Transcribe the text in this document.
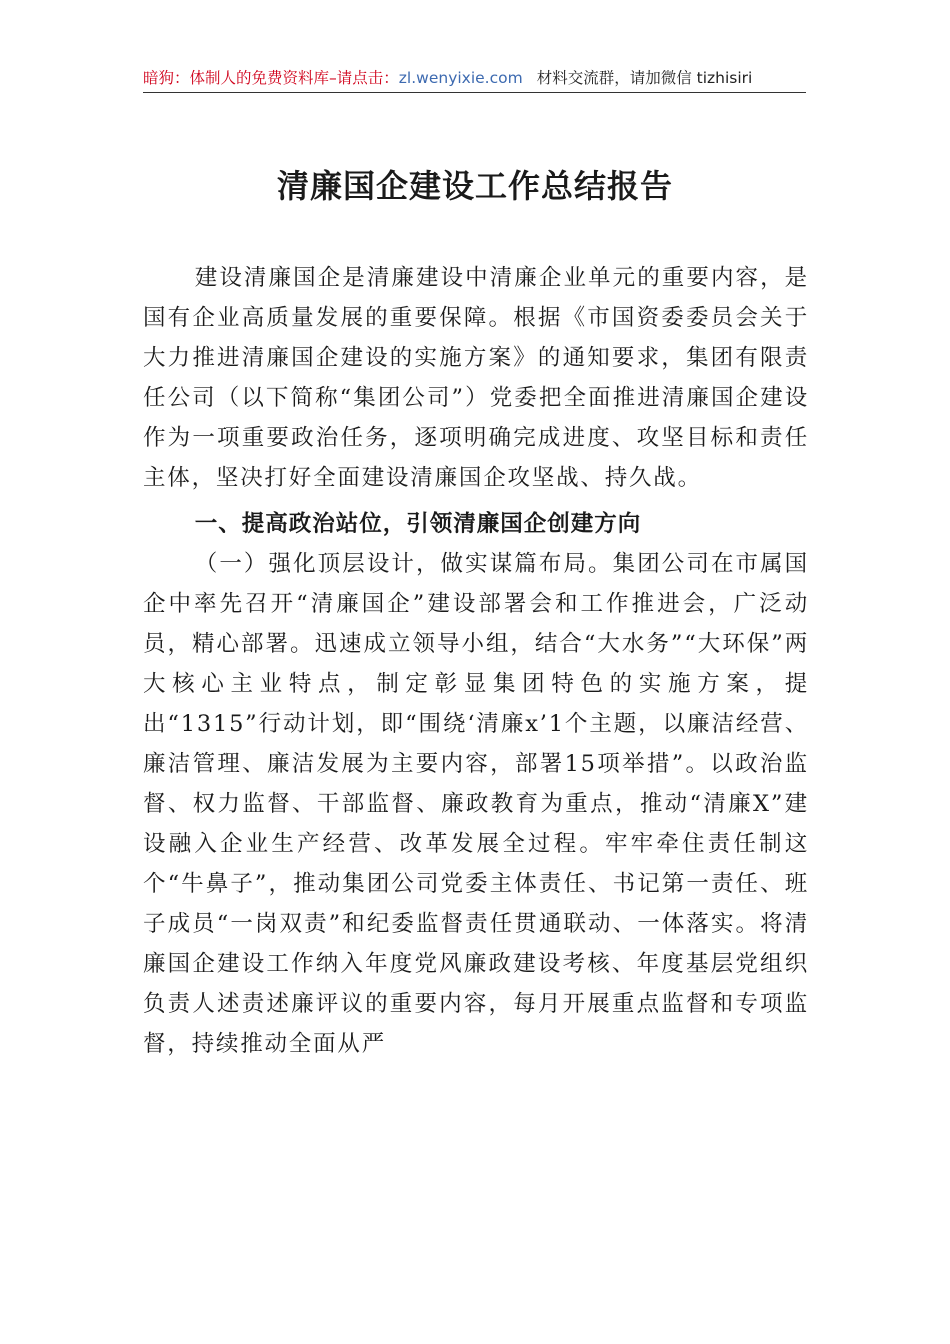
暗狗：体制人的免费资料库–请点击：zl.wenyixie.com 材料交流群，请加微信 tizhisiri
清廉国企建设工作总结报告

建设清廉国企是清廉建设中清廉企业单元的重要内容，是国有企业高质量发展的重要保障。根据《市国资委委员会关于大力推进清廉国企建设的实施方案》的通知要求，集团有限责任公司（以下简称“集团公司”）党委把全面推进清廉国企建设作为一项重要政治任务，逐项明确完成进度、攻坚目标和责任主体，坚决打好全面建设清廉国企攻坚战、持久战。

一、提高政治站位，引领清廉国企创建方向

（一）强化顶层设计，做实谋篇布局。集团公司在市属国企中率先召开“清廉国企”建设部署会和工作推进会，广泛动员，精心部署。迅速成立领导小组，结合“大水务”“大环保”两大核心主业特点，制定彰显集团特色的实施方案，提出“1315”行动计划，即“围绕‘清廉x’1个主题，以廉洁经营、廉洁管理、廉洁发展为主要内容，部署15项举措”。以政治监督、权力监督、干部监督、廉政教育为重点，推动“清廉X”建设融入企业生产经营、改革发展全过程。牢牢牵住责任制这个“牛鼻子”，推动集团公司党委主体责任、书记第一责任、班子成员“一岗双责”和纪委监督责任贯通联动、一体落实。将清廉国企建设工作纳入年度党风廉政建设考核、年度基层党组织负责人述责述廉评议的重要内容，每月开展重点监督和专项监督，持续推动全面从严
